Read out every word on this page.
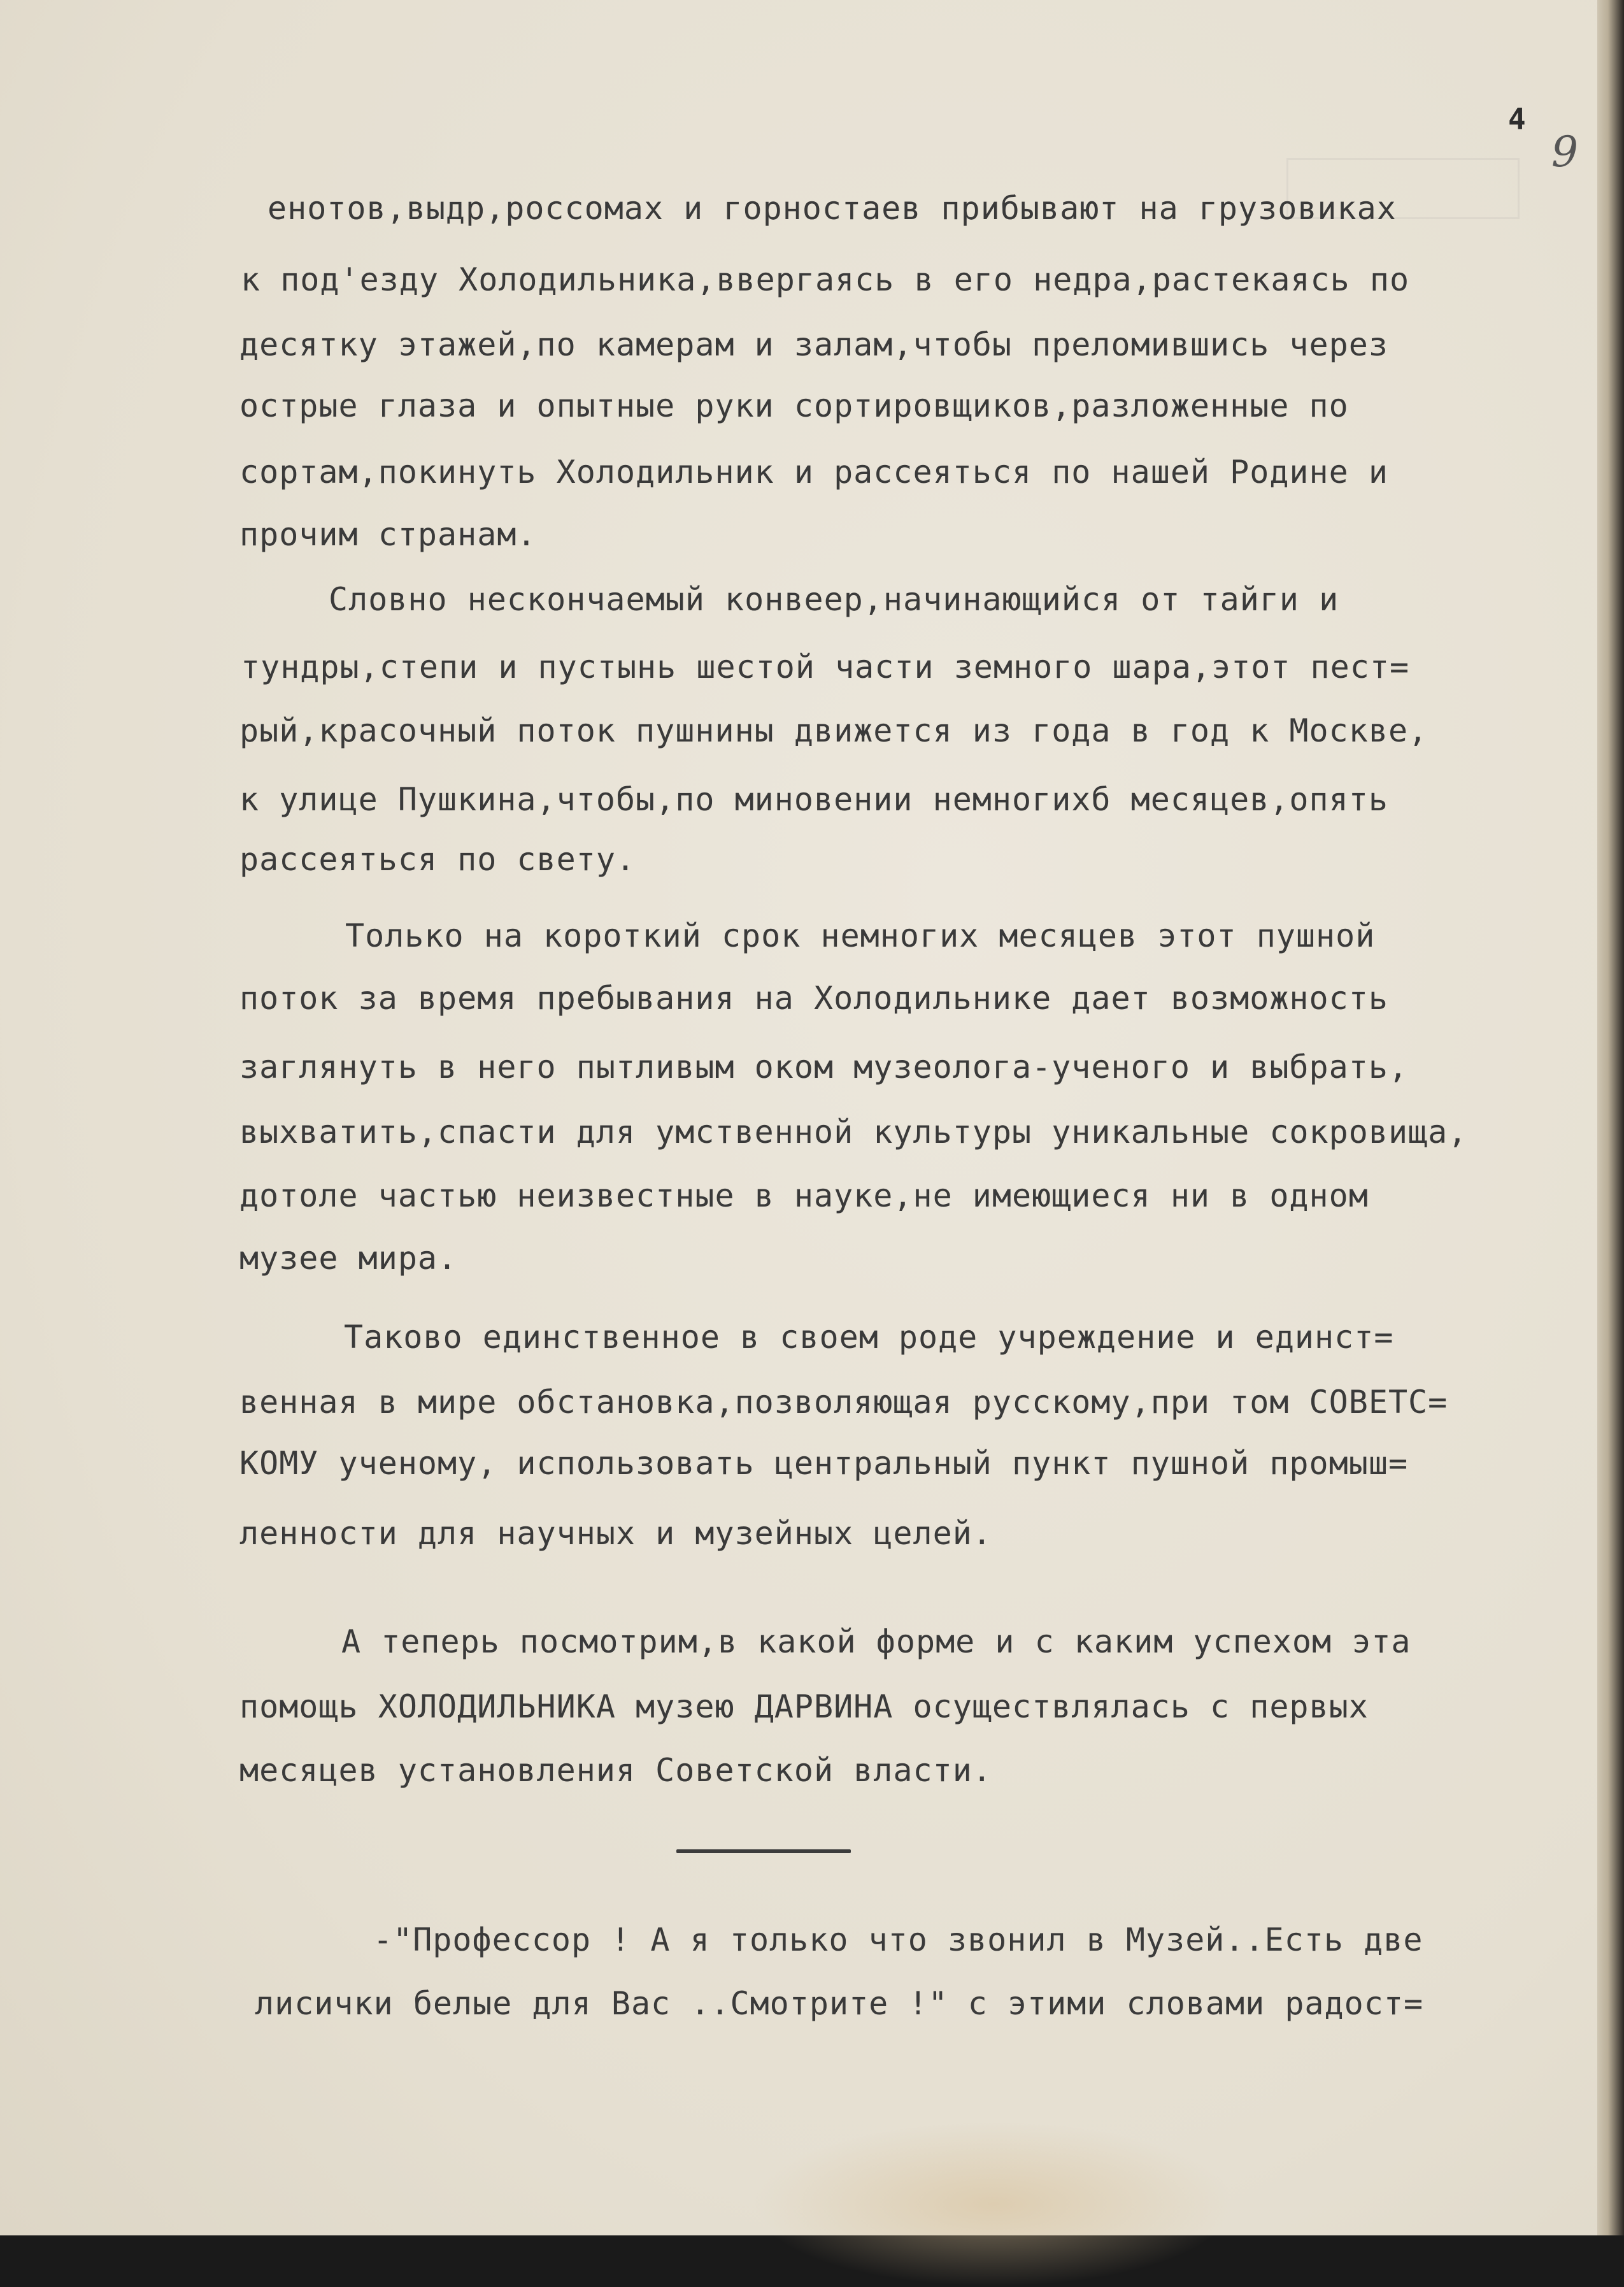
4
9
енотов,выдр,россомах и горностаев прибывают на грузовиках
к под'езду Холодильника,ввергаясь в его недра,растекаясь по
десятку этажей,по камерам и залам,чтобы преломившись через
острые глаза и опытные руки сортировщиков,разложенные по
сортам,покинуть Холодильник и рассеяться по нашей Родине и
прочим странам.
Словно нескончаемый конвеер,начинающийся от тайги и
тундры,степи и пустынь шестой части земного шара,этот пест=
рый,красочный поток пушнины движется из года в год к Москве,
к улице Пушкина,чтобы,по миновении немногихб месяцев,опять
рассеяться по свету.
Только на короткий срок немногих месяцев этот пушной
поток за время пребывания на Холодильнике дает возможность
заглянуть в него пытливым оком музеолога-ученого и выбрать,
выхватить,спасти для умственной культуры уникальные сокровища,
дотоле частью неизвестные в науке,не имеющиеся ни в одном
музее мира.
Таково единственное в своем роде учреждение и единст=
венная в мире обстановка,позволяющая русскому,при том СОВЕТС=
КОМУ ученому, использовать центральный пункт пушной промыш=
ленности для научных и музейных целей.
А теперь посмотрим,в какой форме и с каким успехом эта
помощь ХОЛОДИЛЬНИКА музею ДАРВИНА осуществлялась с первых
месяцев установления Советской власти.
-"Профессор ! А я только что звонил в Музей..Есть две
лисички белые для Вас ..Смотрите !" с этими словами радост=
